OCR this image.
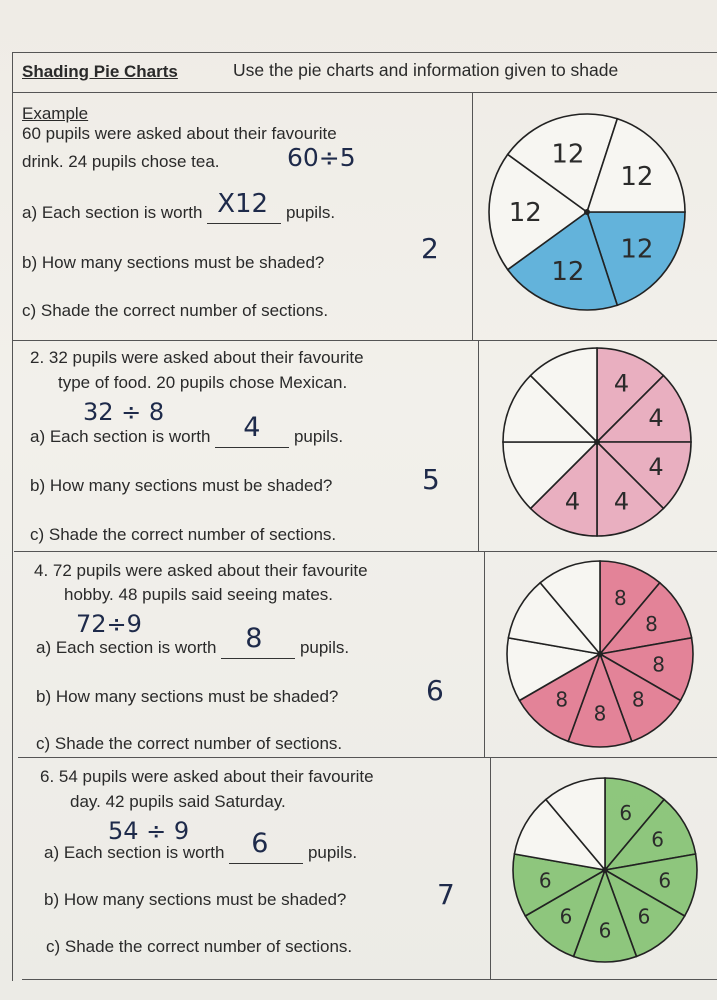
Shading Pie Charts	Use the pie charts and information given to shade
Example
60 pupils were asked about their favourite
drink. 24 pupils chose tea.	60÷5
a) Each section is worth X12 pupils.
b) How many sections must be shaded?	2
c) Shade the correct number of sections.
12
12
12
12
12
2. 32 pupils were asked about their favourite
type of food. 20 pupils chose Mexican.
32 ÷ 8
a) Each section is worth 4 pupils.
b) How many sections must be shaded?	5
c) Shade the correct number of sections.
4
4
4
4
4
4. 72 pupils were asked about their favourite
hobby. 48 pupils said seeing mates.
72÷9
a) Each section is worth 8 pupils.
b) How many sections must be shaded?	6
c) Shade the correct number of sections.
8
8
8
8
8
8
6. 54 pupils were asked about their favourite
day. 42 pupils said Saturday.
54 ÷ 9
a) Each section is worth 6 pupils.
b) How many sections must be shaded?	7
c) Shade the correct number of sections.
6
6
6
6
6
6
6
